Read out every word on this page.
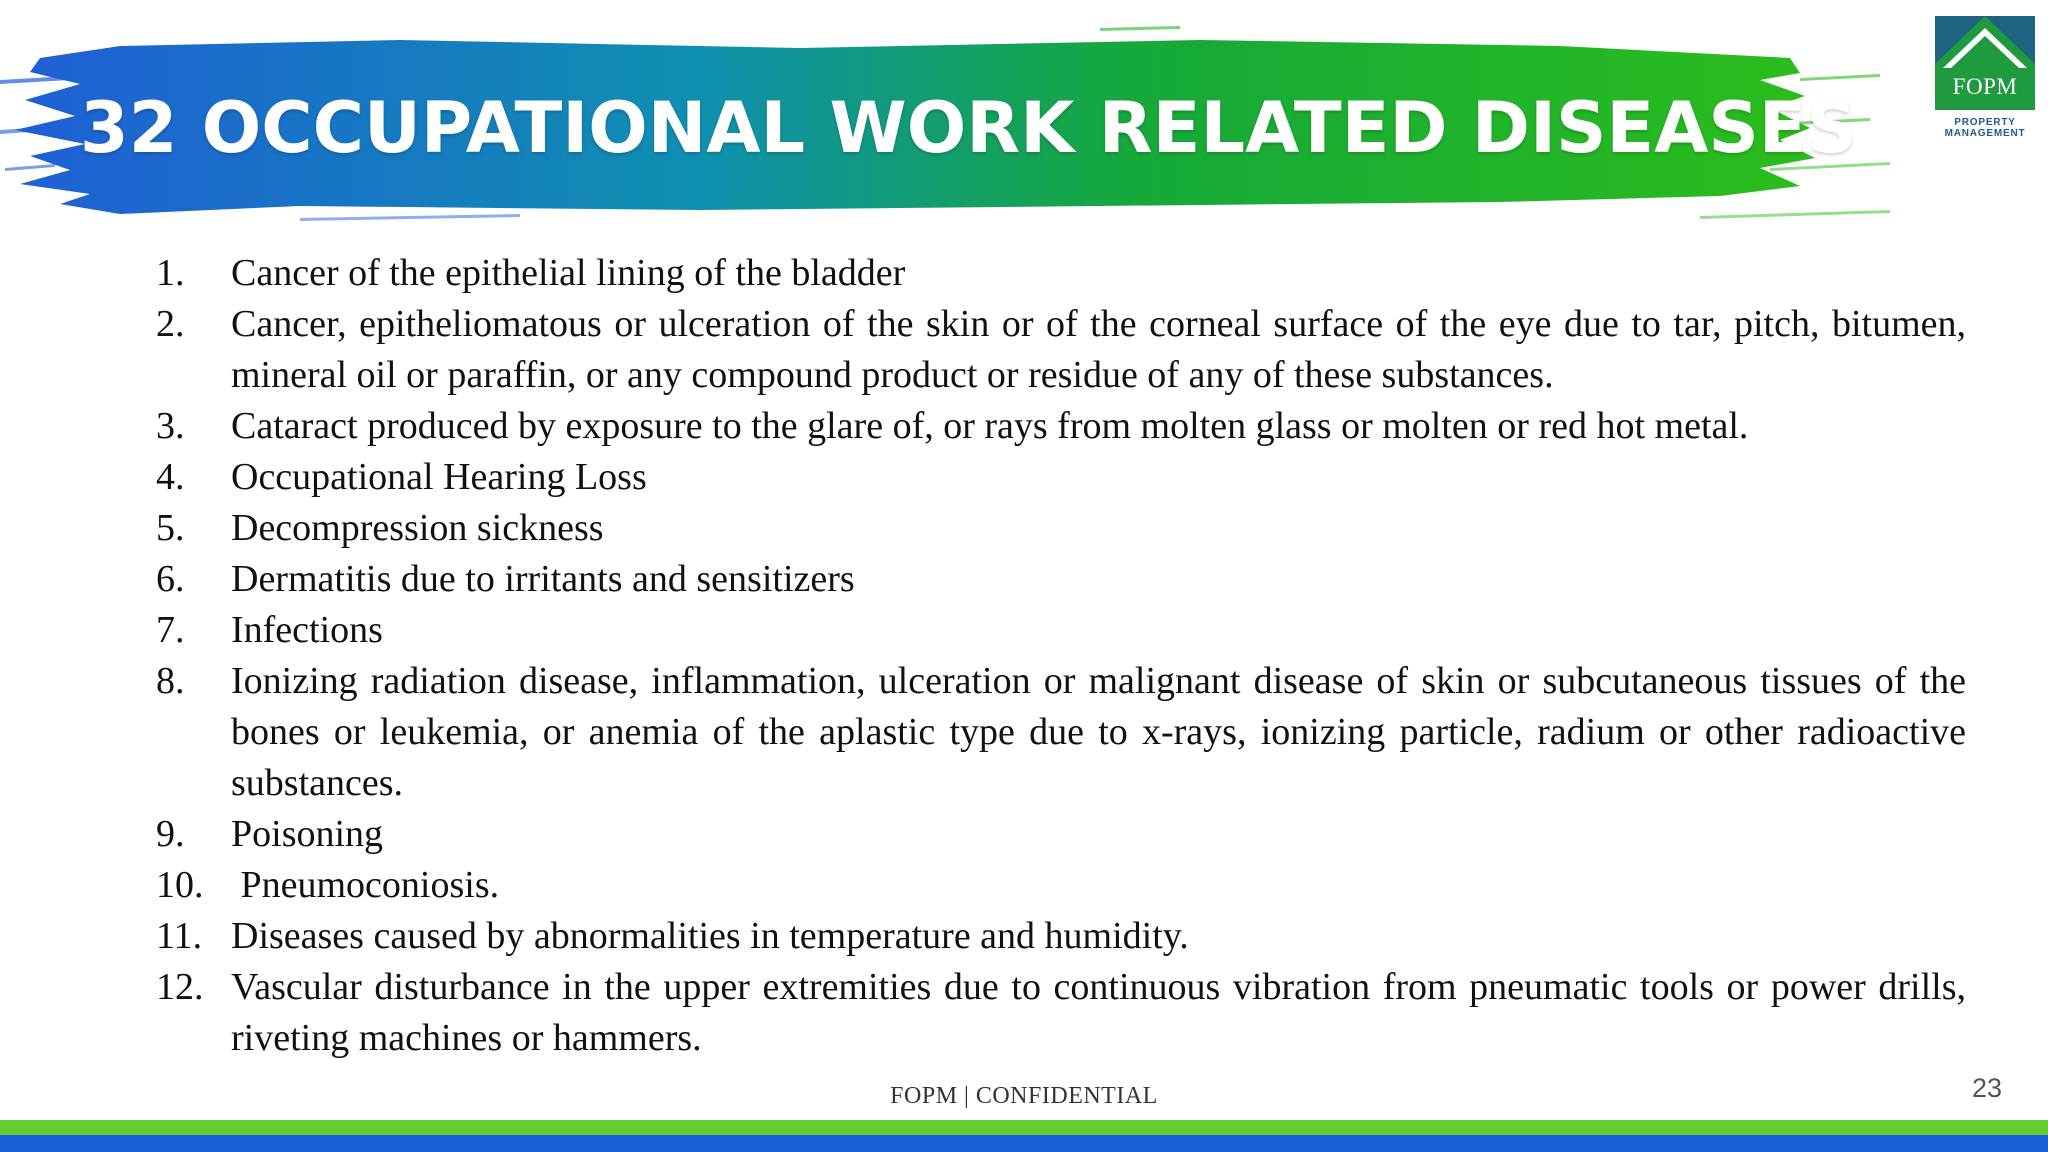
32 OCCUPATIONAL WORK RELATED DISEASES
FOPM
PROPERTY
MANAGEMENT
1. Cancer of the epithelial lining of the bladder
2. Cancer, epitheliomatous or ulceration of the skin or of the corneal surface of the eye due to tar, pitch, bitumen, mineral oil or paraffin, or any compound product or residue of any of these substances.
3. Cataract produced by exposure to the glare of, or rays from molten glass or molten or red hot metal.
4. Occupational Hearing Loss
5. Decompression sickness
6. Dermatitis due to irritants and sensitizers
7. Infections
8. Ionizing radiation disease, inflammation, ulceration or malignant disease of skin or subcutaneous tissues of the bones or leukemia, or anemia of the aplastic type due to x-rays, ionizing particle, radium or other radioactive substances.
9. Poisoning
10. Pneumoconiosis.
11. Diseases caused by abnormalities in temperature and humidity.
12. Vascular disturbance in the upper extremities due to continuous vibration from pneumatic tools or power drills, riveting machines or hammers.
FOPM | CONFIDENTIAL	23
